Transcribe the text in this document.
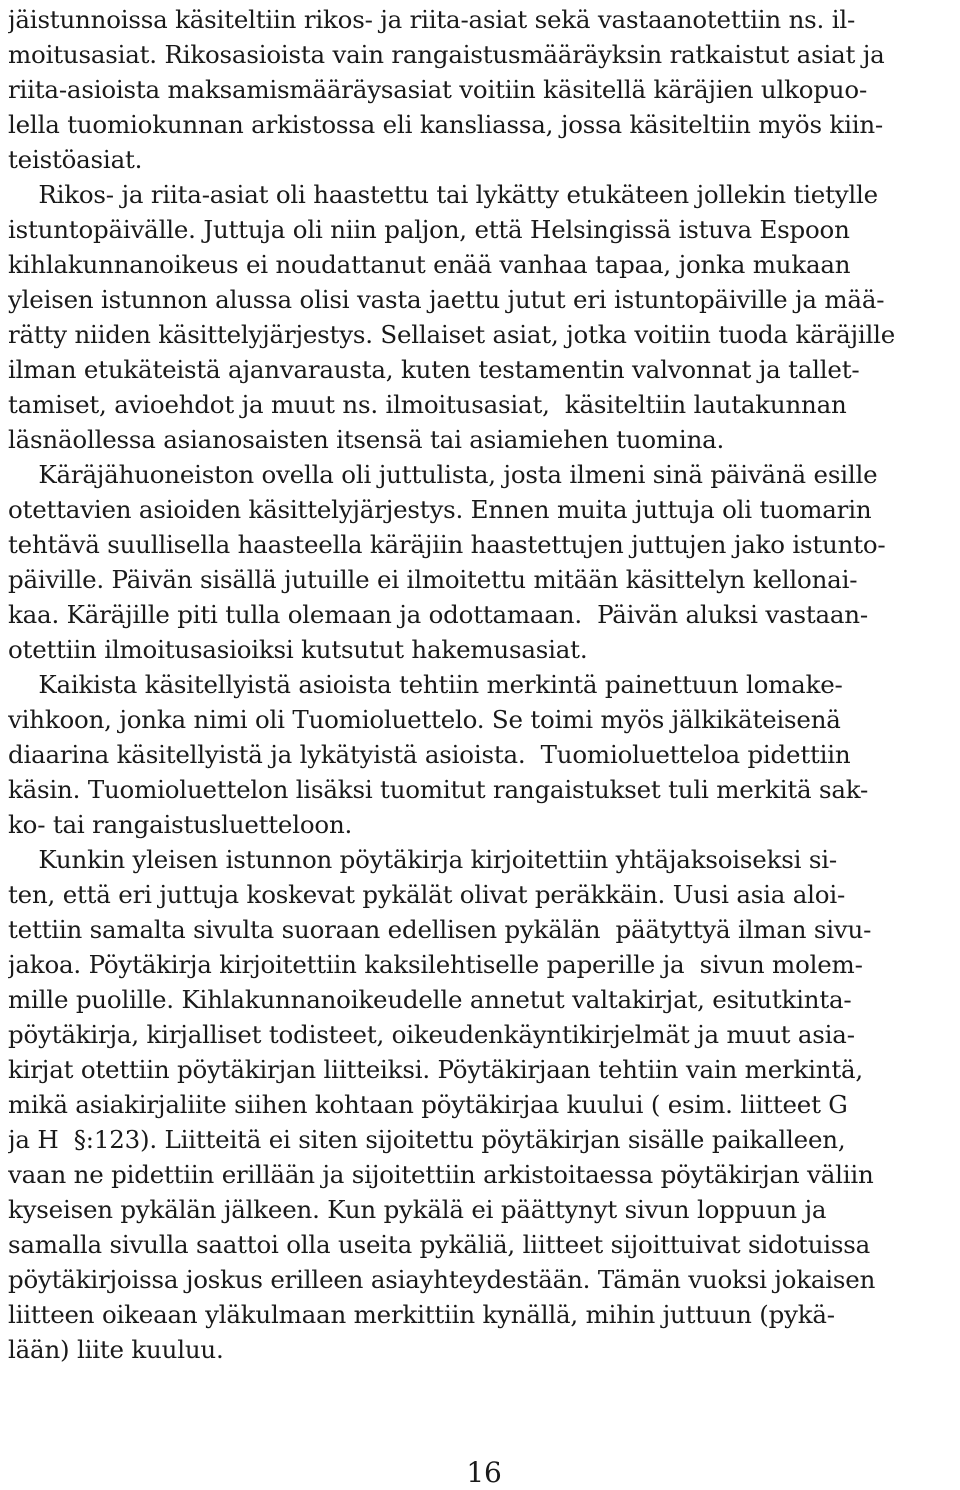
jäistunnoissa käsiteltiin rikos- ja riita-asiat sekä vastaanotettiin ns. il-
moitusasiat. Rikosasioista vain rangaistusmääräyksin ratkaistut asiat ja
riita-asioista maksamismääräysasiat voitiin käsitellä käräjien ulkopuo-
lella tuomiokunnan arkistossa eli kansliassa, jossa käsiteltiin myös kiin-
teistöasiat.
Rikos- ja riita-asiat oli haastettu tai lykätty etukäteen jollekin tietylle
istuntopäivälle. Juttuja oli niin paljon, että Helsingissä istuva Espoon
kihlakunnanoikeus ei noudattanut enää vanhaa tapaa, jonka mukaan
yleisen istunnon alussa olisi vasta jaettu jutut eri istuntopäiville ja mää-
rätty niiden käsittelyjärjestys. Sellaiset asiat, jotka voitiin tuoda käräjille
ilman etukäteistä ajanvarausta, kuten testamentin valvonnat ja tallet-
tamiset, avioehdot ja muut ns. ilmoitusasiat,  käsiteltiin lautakunnan
läsnäollessa asianosaisten itsensä tai asiamiehen tuomina.
Käräjähuoneiston ovella oli juttulista, josta ilmeni sinä päivänä esille
otettavien asioiden käsittelyjärjestys. Ennen muita juttuja oli tuomarin
tehtävä suullisella haasteella käräjiin haastettujen juttujen jako istunto-
päiville. Päivän sisällä jutuille ei ilmoitettu mitään käsittelyn kellonai-
kaa. Käräjille piti tulla olemaan ja odottamaan.  Päivän aluksi vastaan-
otettiin ilmoitusasioiksi kutsutut hakemusasiat.
Kaikista käsitellyistä asioista tehtiin merkintä painettuun lomake-
vihkoon, jonka nimi oli Tuomioluettelo. Se toimi myös jälkikäteisenä
diaarina käsitellyistä ja lykätyistä asioista.  Tuomioluetteloa pidettiin
käsin. Tuomioluettelon lisäksi tuomitut rangaistukset tuli merkitä sak-
ko- tai rangaistusluetteloon.
Kunkin yleisen istunnon pöytäkirja kirjoitettiin yhtäjaksoiseksi si-
ten, että eri juttuja koskevat pykälät olivat peräkkäin. Uusi asia aloi-
tettiin samalta sivulta suoraan edellisen pykälän  päätyttyä ilman sivu-
jakoa. Pöytäkirja kirjoitettiin kaksilehtiselle paperille ja  sivun molem-
mille puolille. Kihlakunnanoikeudelle annetut valtakirjat, esitutkinta-
pöytäkirja, kirjalliset todisteet, oikeudenkäyntikirjelmät ja muut asia-
kirjat otettiin pöytäkirjan liitteiksi. Pöytäkirjaan tehtiin vain merkintä,
mikä asiakirjaliite siihen kohtaan pöytäkirjaa kuului ( esim. liitteet G
ja H  §:123). Liitteitä ei siten sijoitettu pöytäkirjan sisälle paikalleen,
vaan ne pidettiin erillään ja sijoitettiin arkistoitaessa pöytäkirjan väliin
kyseisen pykälän jälkeen. Kun pykälä ei päättynyt sivun loppuun ja
samalla sivulla saattoi olla useita pykäliä, liitteet sijoittuivat sidotuissa
pöytäkirjoissa joskus erilleen asiayhteydestään. Tämän vuoksi jokaisen
liitteen oikeaan yläkulmaan merkittiin kynällä, mihin juttuun (pykä-
lään) liite kuuluu.
16
